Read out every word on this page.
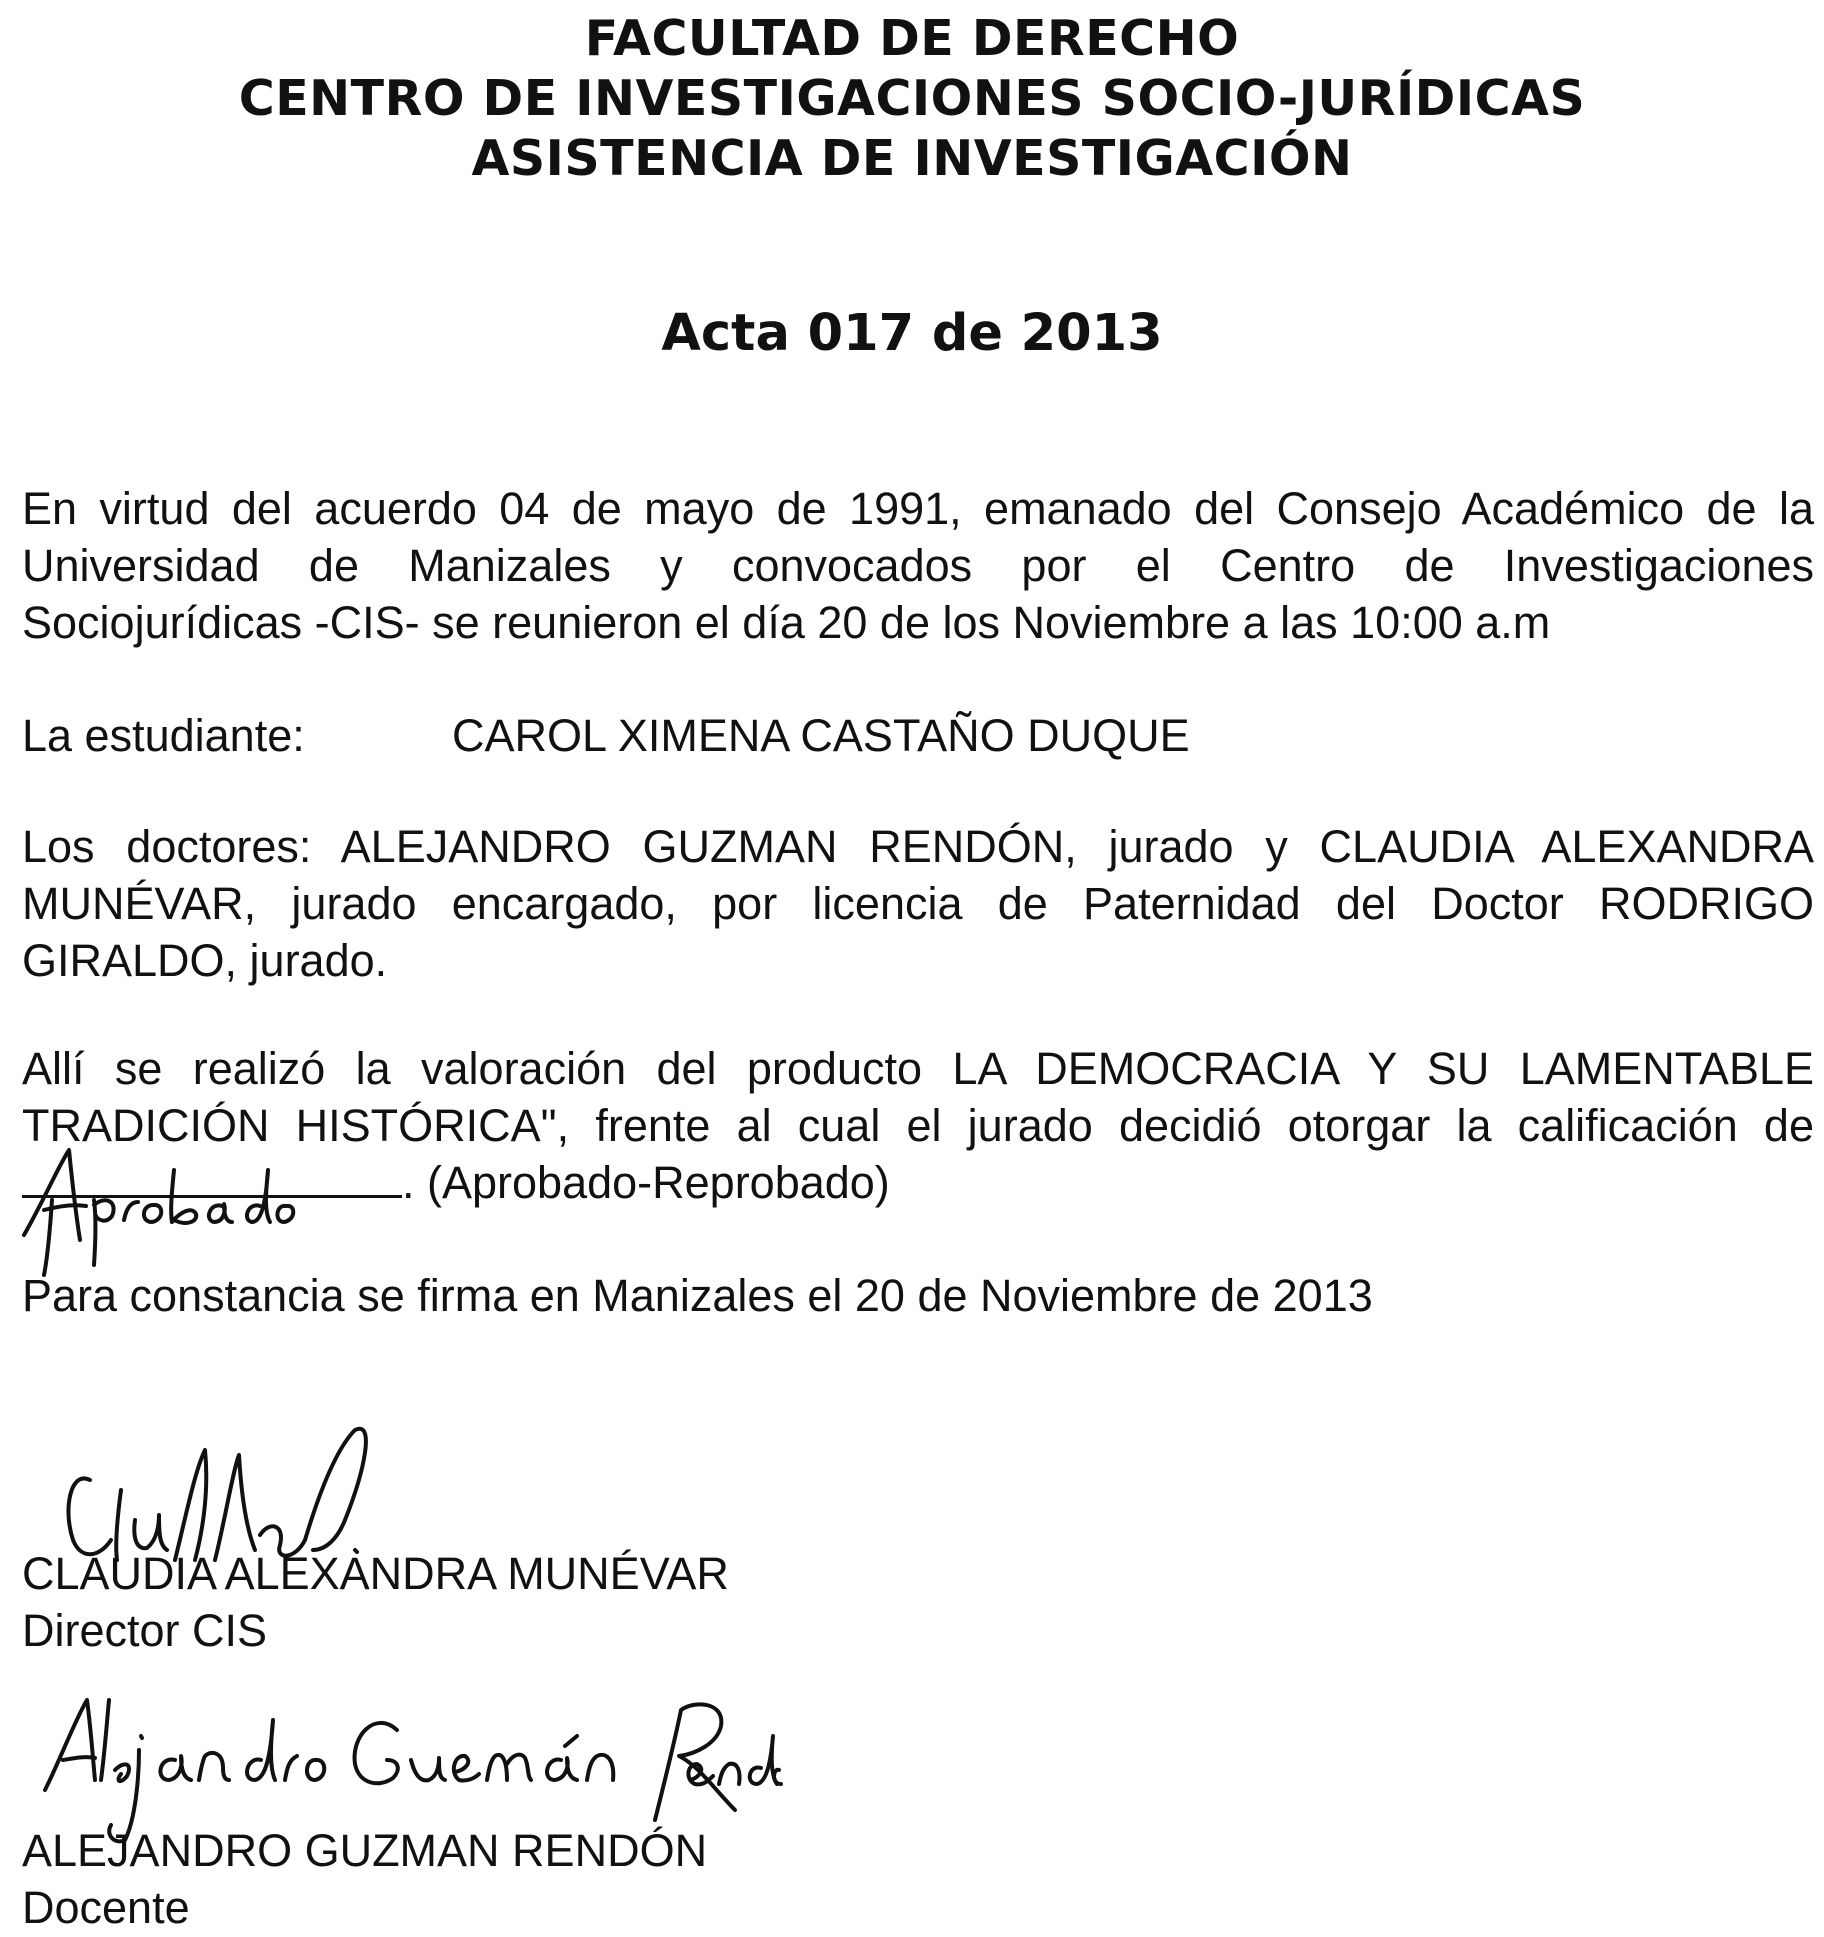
FACULTAD DE DERECHO
CENTRO DE INVESTIGACIONES SOCIO-JURÍDICAS
ASISTENCIA DE INVESTIGACIÓN
Acta 017 de 2013
En virtud del acuerdo 04 de mayo de 1991, emanado del Consejo Académico de la
Universidad de Manizales y convocados por el Centro de Investigaciones
Sociojurídicas -CIS- se reunieron el día 20 de los Noviembre a las 10:00 a.m
La estudiante:	CAROL XIMENA CASTAÑO DUQUE
Los doctores: ALEJANDRO GUZMAN RENDÓN, jurado y CLAUDIA ALEXANDRA
MUNÉVAR, jurado encargado, por licencia de Paternidad del Doctor RODRIGO
GIRALDO, jurado.
Allí se realizó la valoración del producto LA DEMOCRACIA Y SU LAMENTABLE
TRADICIÓN HISTÓRICA", frente al cual el jurado decidió otorgar la calificación de
. (Aprobado-Reprobado)
Para constancia se firma en Manizales el 20 de Noviembre de 2013
CLAUDIA ALEXANDRA MUNÉVAR
Director CIS
ALEJANDRO GUZMAN RENDÓN
Docente
